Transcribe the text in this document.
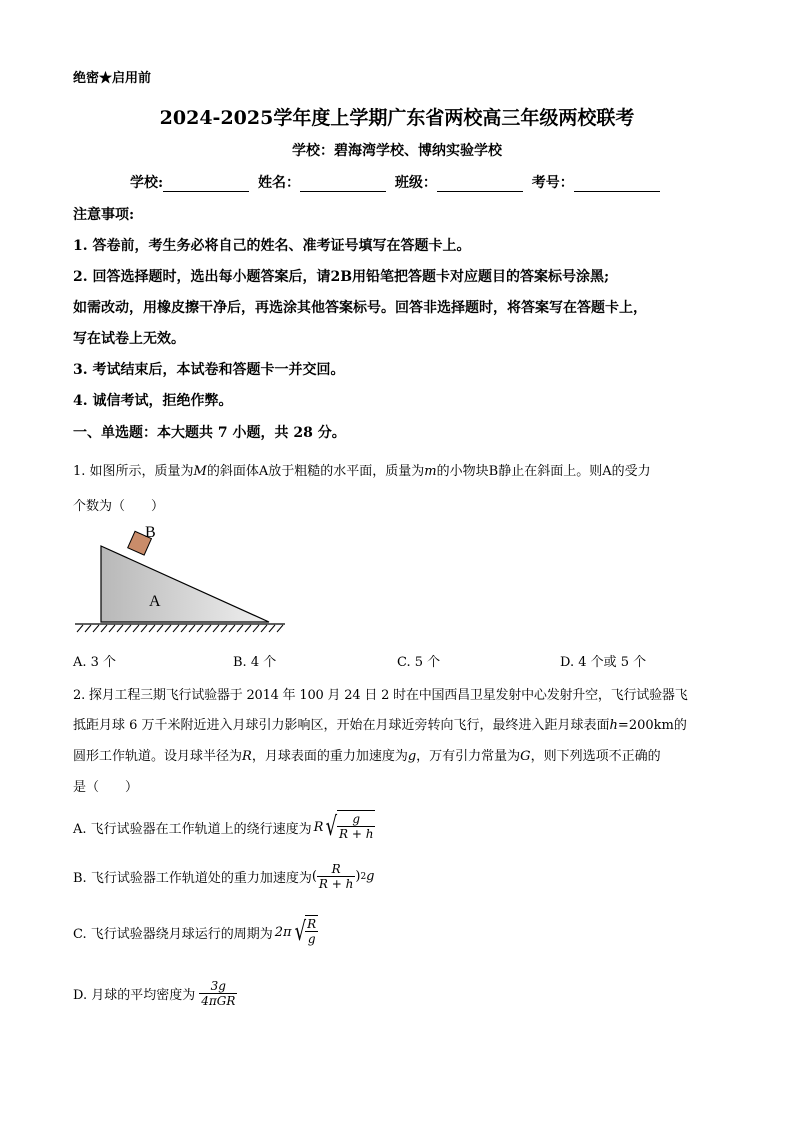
绝密★启用前
2024-2025学年度上学期广东省两校高三年级两校联考
学校：碧海湾学校、博纳实验学校
学校:	姓名：	班级：	考号：
注意事项:
1. 答卷前，考生务必将自己的姓名、准考证号填写在答题卡上。
2. 回答选择题时，选出每小题答案后，请2B用铅笔把答题卡对应题目的答案标号涂黑;
如需改动，用橡皮擦干净后，再选涂其他答案标号。回答非选择题时，将答案写在答题卡上，
写在试卷上无效。
3. 考试结束后，本试卷和答题卡一并交回。
4. 诚信考试，拒绝作弊。
一、单选题：本大题共 7 小题，共 28 分。
1. 如图所示，质量为M的斜面体A放于粗糙的水平面，质量为m的小物块B静止在斜面上。则A的受力
个数为（　　）
B
A
A. 3 个	B. 4 个	C. 5 个	D. 4 个或 5 个
2. 探月工程三期飞行试验器于 2014 年 100 月 24 日 2 时在中国西昌卫星发射中心发射升空，飞行试验器飞
抵距月球 6 万千米附近进入月球引力影响区，开始在月球近旁转向飞行，最终进入距月球表面h=200km的
圆形工作轨道。设月球半径为R，月球表面的重力加速度为g，万有引力常量为G，则下列选项不正确的
是（　　）
A. 飞行试验器在工作轨道上的绕行速度为 R √ $\frac{g}{R + h}$
B. 飞行试验器工作轨道处的重力加速度为 ( $\frac{R}{R + h}$ ) 2 g
C. 飞行试验器绕月球运行的周期为 2π √ $\frac{R}{g}$
D. 月球的平均密度为 $\frac{3g}{\text{4πGR}}$
